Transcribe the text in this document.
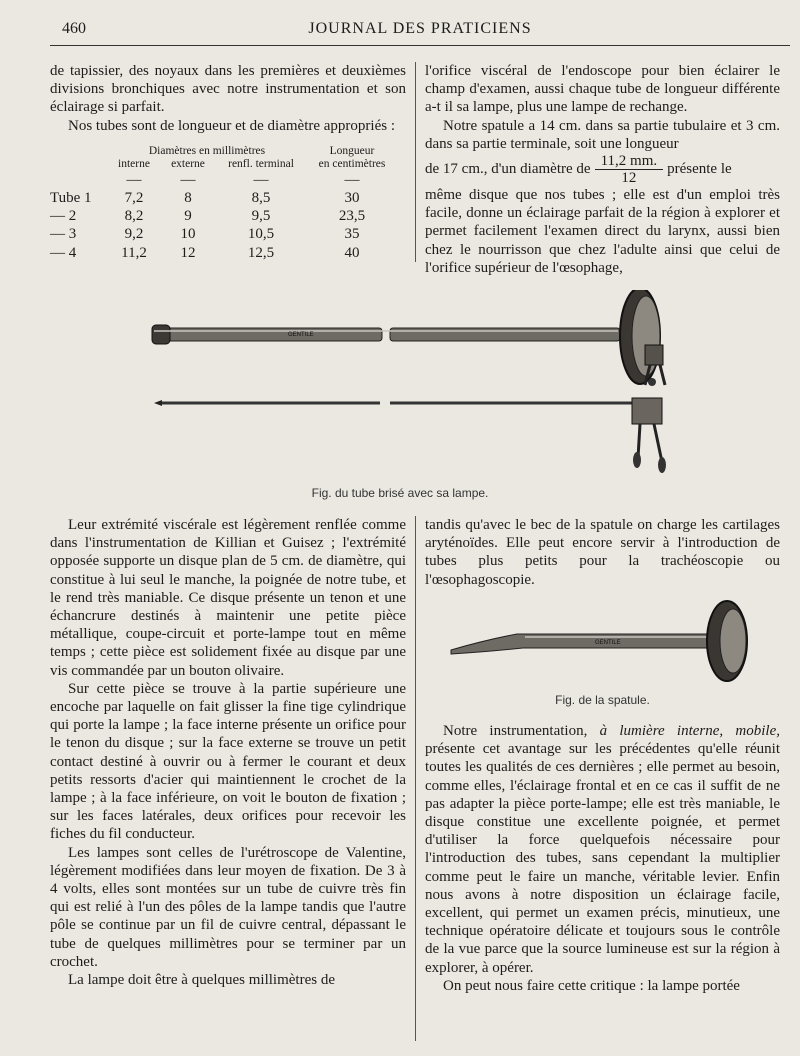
460	JOURNAL DES PRATICIENS

de tapissier, des noyaux dans les premières et deuxièmes divisions bronchiques avec notre instrumentation et son éclairage si parfait.

Nos tubes sont de longueur et de diamètre appropriés :

	Diamètres en millimètres			Longueur
	interne	externe	renfl. terminal	en centimètres
	—	—	—	—
Tube 1	7,2	8	8,5	30
— 2	8,2	9	9,5	23,5
— 3	9,2	10	10,5	35
— 4	11,2	12	12,5	40

l'orifice viscéral de l'endoscope pour bien éclairer le champ d'examen, aussi chaque tube de longueur différente a-t il sa lampe, plus une lampe de rechange.

Notre spatule a 14 cm. dans sa partie tubulaire et 3 cm. dans sa partie terminale, soit une longueur

de 17 cm., d'un diamètre de $\frac{11,2 mm.}{12}$ présente le

même disque que nos tubes ; elle est d'un emploi très facile, donne un éclairage parfait de la région à explorer et permet facilement l'examen direct du larynx, aussi bien chez le nourrisson que chez l'adulte ainsi que celui de l'orifice supérieur de l'œsophage,

GENTILE
Fig. du tube brisé avec sa lampe.

Leur extrémité viscérale est légèrement renflée comme dans l'instrumentation de Killian et Guisez ; l'extrémité opposée supporte un disque plan de 5 cm. de diamètre, qui constitue à lui seul le manche, la poignée de notre tube, et le rend très maniable. Ce disque présente un tenon et une échancrure destinés à maintenir une petite pièce métallique, coupe-circuit et porte-lampe tout en même temps ; cette pièce est solidement fixée au disque par une vis commandée par un bouton olivaire.

Sur cette pièce se trouve à la partie supérieure une encoche par laquelle on fait glisser la fine tige cylindrique qui porte la lampe ; la face interne présente un orifice pour le tenon du disque ; sur la face externe se trouve un petit contact destiné à ouvrir ou à fermer le courant et deux petits ressorts d'acier qui maintiennent le crochet de la lampe ; à la face inférieure, on voit le bouton de fixation ; sur les faces latérales, deux orifices pour recevoir les fiches du fil conducteur.

Les lampes sont celles de l'urétroscope de Valentine, légèrement modifiées dans leur moyen de fixation. De 3 à 4 volts, elles sont montées sur un tube de cuivre très fin qui est relié à l'un des pôles de la lampe tandis que l'autre pôle se continue par un fil de cuivre central, dépassant le tube de quelques millimètres pour se terminer par un crochet.

La lampe doit être à quelques millimètres de

tandis qu'avec le bec de la spatule on charge les cartilages aryténoïdes. Elle peut encore servir à l'introduction de tubes plus petits pour la trachéoscopie ou l'œsophagoscopie.

GENTILE
Fig. de la spatule.

Notre instrumentation, à lumière interne, mobile, présente cet avantage sur les précédentes qu'elle réunit toutes les qualités de ces dernières ; elle permet au besoin, comme elles, l'éclairage frontal et en ce cas il suffit de ne pas adapter la pièce porte-lampe; elle est très maniable, le disque constitue une excellente poignée, et permet d'utiliser la force quelquefois nécessaire pour l'introduction des tubes, sans cependant la multiplier comme peut le faire un manche, véritable levier. Enfin nous avons à notre disposition un éclairage facile, excellent, qui permet un examen précis, minutieux, une technique opératoire délicate et toujours sous le contrôle de la vue parce que la source lumineuse est sur la région à explorer, à opérer.

On peut nous faire cette critique : la lampe portée
